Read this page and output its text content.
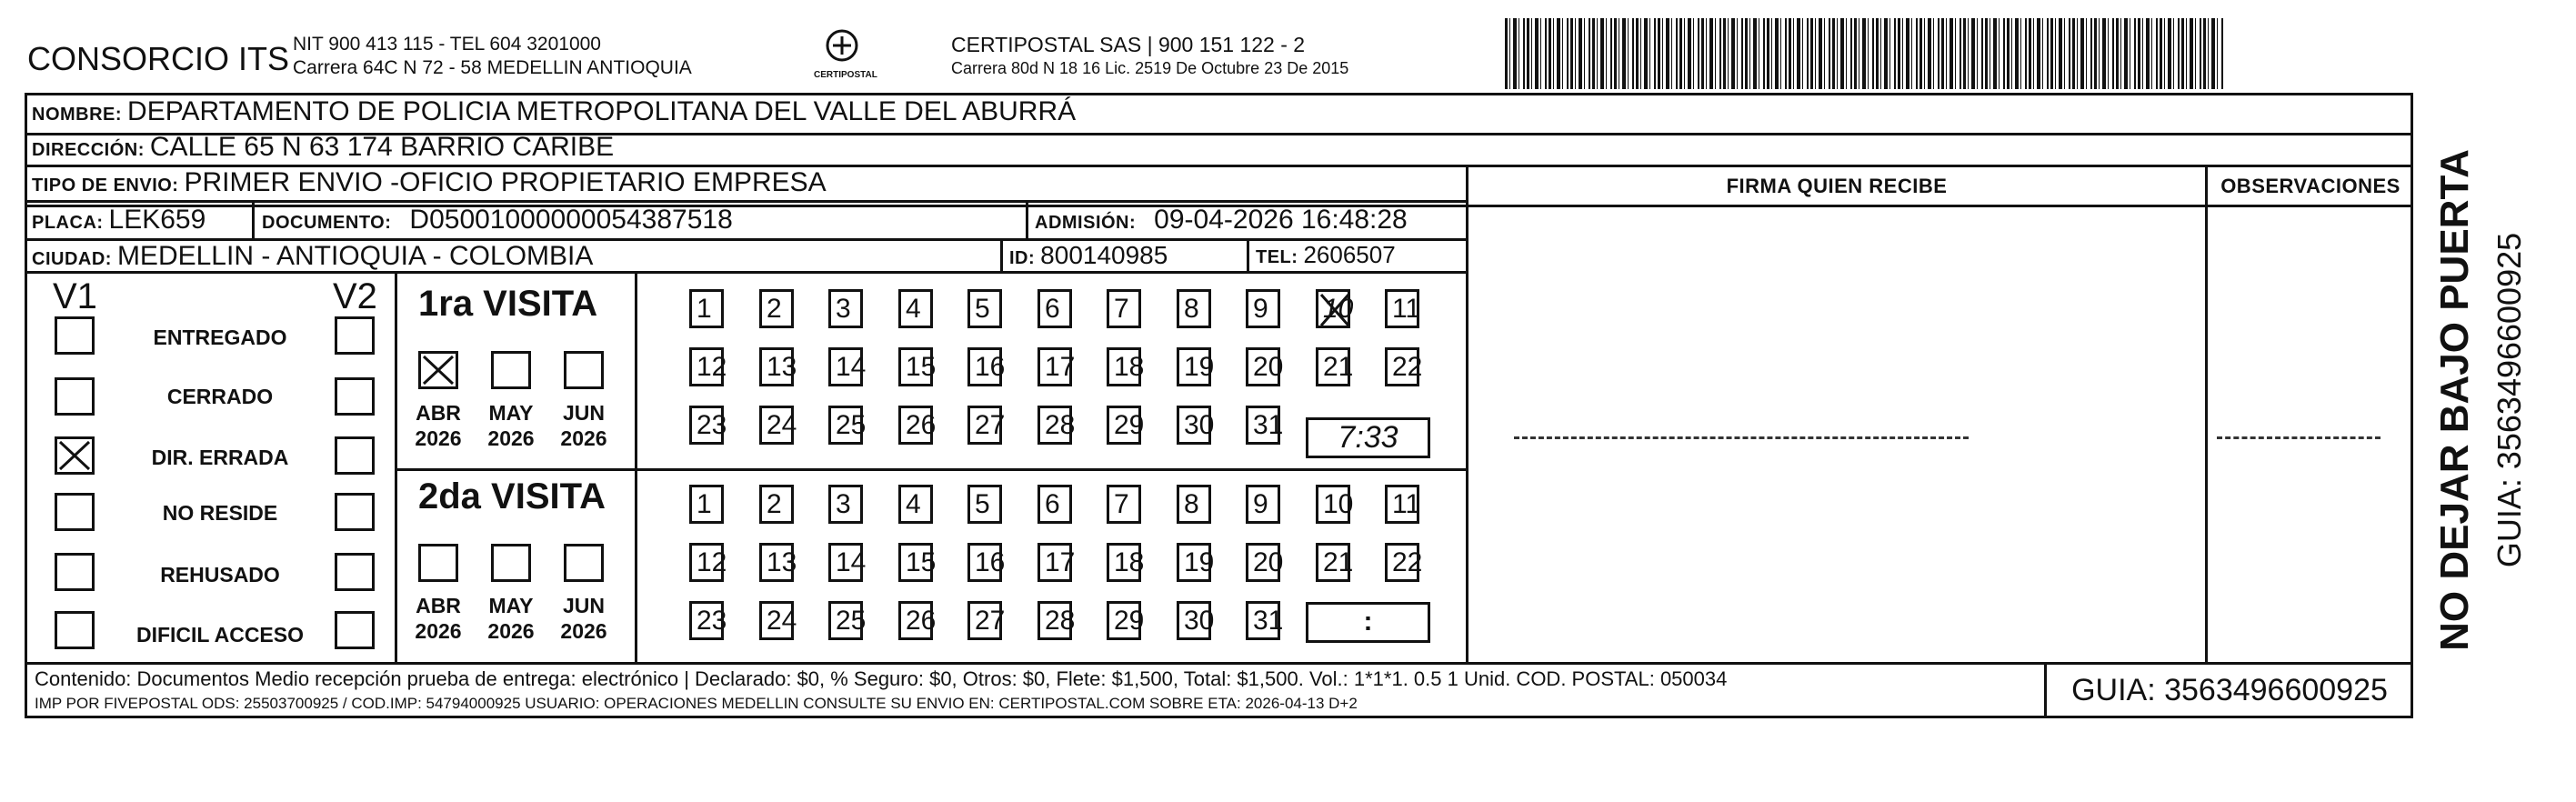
CONSORCIO ITS NIT 900 413 115 - TEL 604 3201000
Carrera 64C N 72 - 58 MEDELLIN ANTIOQUIA	CERTIPOSTAL
CERTIPOSTAL SAS | 900 151 122 - 2
Carrera 80d N 18 16 Lic. 2519 De Octubre 23 De 2015
NOMBRE: DEPARTAMENTO DE POLICIA METROPOLITANA DEL VALLE DEL ABURRÁ
DIRECCIÓN: CALLE 65 N 63 174 BARRIO CARIBE
TIPO DE ENVIO: PRIMER ENVIO -OFICIO PROPIETARIO EMPRESA
PLACA: LEK659	DOCUMENTO: D05001000000054387518	ADMISIÓN: 09-04-2026 16:48:28
CIUDAD: MEDELLIN - ANTIOQUIA - COLOMBIA	ID: 800140985	TEL: 2606507
FIRMA QUIEN RECIBE	OBSERVACIONES
V1	V2
ENTREGADO
CERRADO
DIR. ERRADA
NO RESIDE
REHUSADO
DIFICIL ACCESO
1ra VISITA
ABR
2026
MAY
2026
JUN
2026
1	2	3	4	5	6	7	8	9	10 11
12 13 14 15 16 17 18 19 20 21 22
23 24 25 26 27 28 29 30 31	7:33
2da VISITA
ABR
2026
MAY
2026
JUN
2026
1	2	3	4	5	6	7	8	9	10 11
12 13 14 15 16 17 18 19 20 21 22
23 24 25 26 27 28 29 30 31	:
Contenido: Documentos Medio recepción prueba de entrega: electrónico | Declarado: $0, % Seguro: $0, Otros: $0, Flete: $1,500, Total: $1,500. Vol.: 1*1*1. 0.5 1 Unid. COD. POSTAL: 050034
IMP POR FIVEPOSTAL ODS: 25503700925 / COD.IMP: 54794000925 USUARIO: OPERACIONES MEDELLIN CONSULTE SU ENVIO EN: CERTIPOSTAL.COM SOBRE ETA: 2026-04-13 D+2	GUIA: 3563496600925
NO DEJAR BAJO PUERTA GUIA: 3563496600925
